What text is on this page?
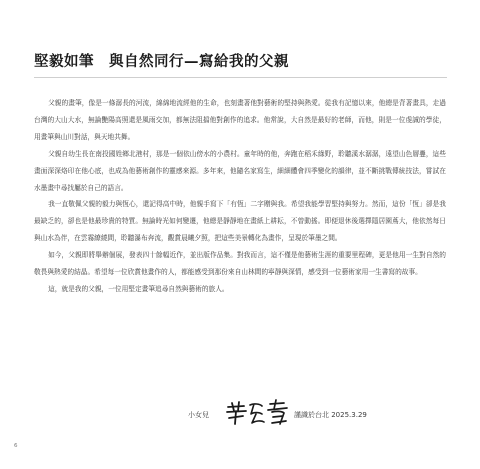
堅毅如筆　與自然同行—寫給我的父親

父親的畫筆，像是一條潺長的河流，綿綿地流經他的生命，也刻畫著他對藝術的堅持與熱愛。從我有記憶以來，他總是背著畫具，走過台灣的大山大水，無論艷陽高照還是風雨交加，都無法阻擋他對創作的追求。他常說，大自然是最好的老師，而他，則是一位虔誠的學徒，用畫筆與山川對話，與天地共舞。

父親自幼生長在南投國姓鄉北港村，那是一個依山傍水的小農村。童年時的他，奔跑在稻禾綠野，聆聽溪水潺潺，遠望山色層疊，這些畫面深深烙印在他心底，也成為他藝術創作的靈感來源。多年來，他隨名家寫生，細細體會四季變化的韻律，並不斷挑戰傳統技法，嘗試在水墨畫中尋找屬於自己的語言。

我一直敬佩父親的毅力與恆心，還記得高中時，他親手寫下「有恆」二字贈與我。希望我能學習堅持與努力。然而，這份「恆」卻是我最缺乏的，卻也是他最珍貴的特質。無論時光如何變遷，他總是靜靜地在畫紙上耕耘，不曾動搖。即便退休後選擇隱居園蔦大，他依然每日與山水為伴，在雲霧繚繞間，聆聽瀑布奔流，觀賞晨曦夕照，把這些美景轉化為畫作，呈現於筆墨之間。

如今，父親即將舉辦個展，發表四十餘幅近作，並出版作品集。對我而言，這不僅是他藝術生涯的重要里程碑，更是他用一生對自然的敬畏與熱愛的結晶。希望每一位欣賞他畫作的人，都能感受到那份來自山林間的寧靜與深情，感受到一位藝術家用一生書寫的故事。

這，就是我的父親，一位用堅定畫筆追尋自然與藝術的旅人。

小女兒	謹識於台北 2025.3.29
6
